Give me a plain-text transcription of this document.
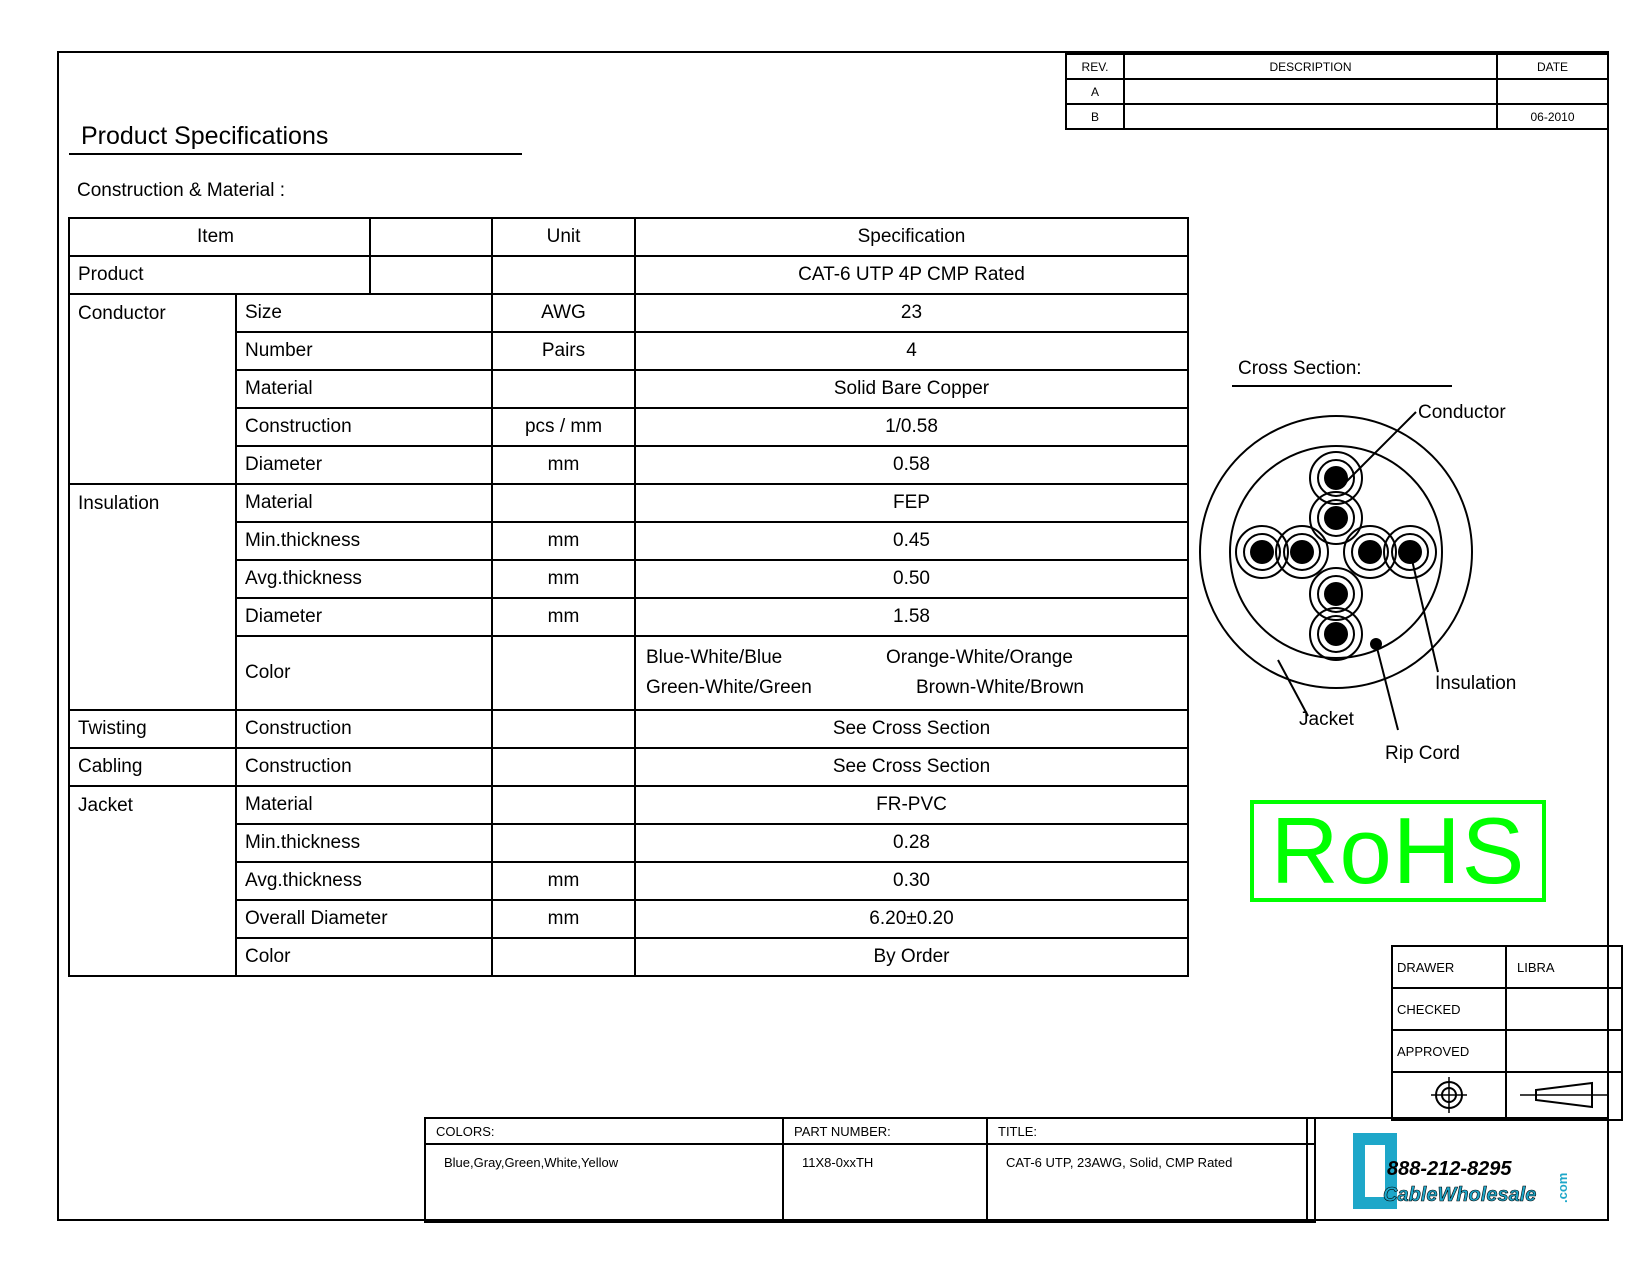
REV.	DESCRIPTION	DATE
A		
B		06-2010
Product Specifications
Construction & Material :
Item			Unit	Specification
Product				CAT-6 UTP 4P CMP Rated
Conductor	Size		AWG	23
	Number		Pairs	4
	Material			Solid Bare Copper
	Construction		pcs / mm	1/0.58
	Diameter		mm	0.58
Insulation	Material			FEP
	Min.thickness		mm	0.45
	Avg.thickness		mm	0.50
	Diameter		mm	1.58
	Color			Blue-White/Blue Orange-White/Orange
Green-White/Green Brown-White/Brown

Twisting	Construction			See Cross Section
Cabling	Construction			See Cross Section
Jacket	Material			FR-PVC
	Min.thickness			0.28
	Avg.thickness		mm	0.30
	Overall Diameter		mm	6.20±0.20
	Color			By Order
Cross Section:
Conductor
Insulation
Jacket
Rip Cord
RoHS
DRAWER	LIBRA
CHECKED	
APPROVED	

COLORS:	PART NUMBER:	TITLE:
Blue,Gray,Green,White,Yellow	11X8-0xxTH	CAT-6 UTP, 23AWG, Solid, CMP Rated	888-212-8295
CableWholesale .com
